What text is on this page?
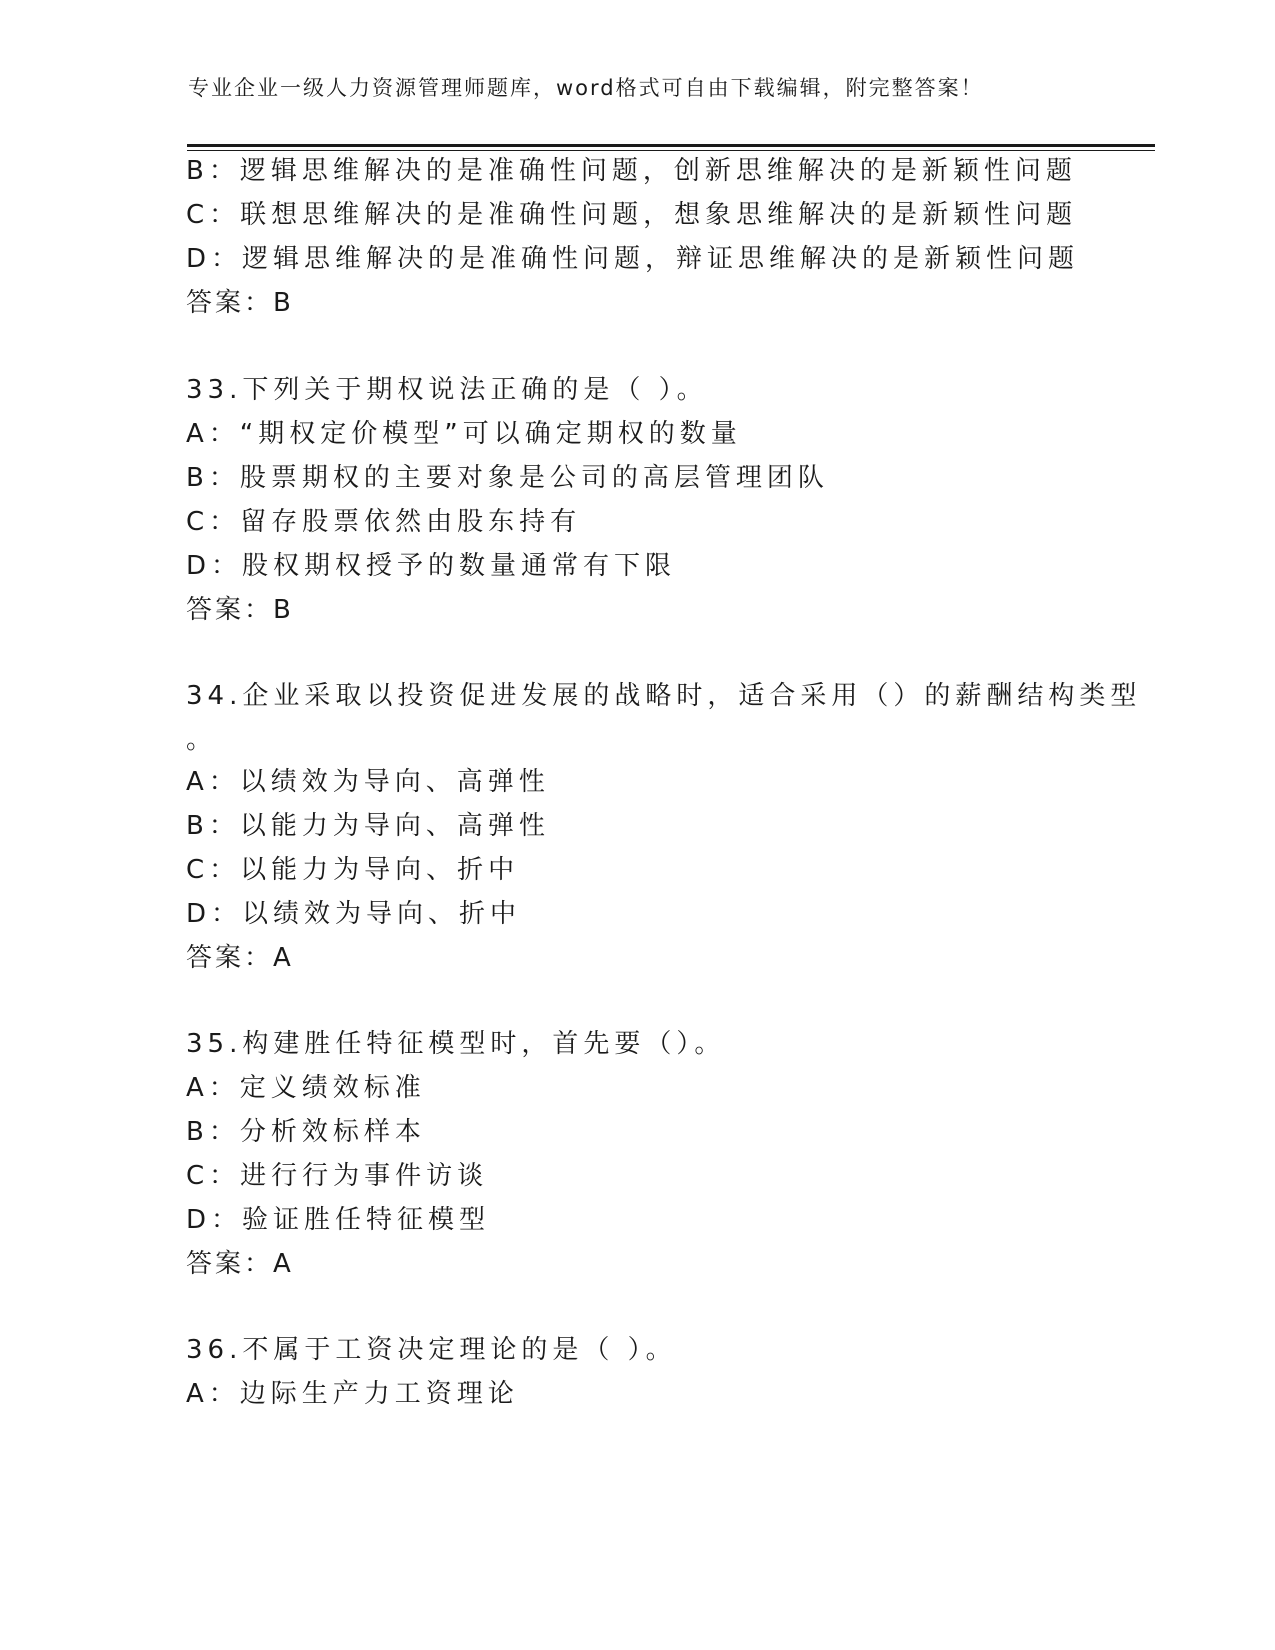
专业企业一级人力资源管理师题库，word格式可自由下载编辑，附完整答案！
B：逻辑思维解决的是准确性问题，创新思维解决的是新颖性问题
C：联想思维解决的是准确性问题，想象思维解决的是新颖性问题
D：逻辑思维解决的是准确性问题，辩证思维解决的是新颖性问题
答案：B
33.下列关于期权说法正确的是（ ）。
A：“期权定价模型”可以确定期权的数量
B：股票期权的主要对象是公司的高层管理团队
C：留存股票依然由股东持有
D：股权期权授予的数量通常有下限
答案：B
34.企业采取以投资促进发展的战略时，适合采用（）的薪酬结构类型
。
A：以绩效为导向、高弹性
B：以能力为导向、高弹性
C：以能力为导向、折中
D：以绩效为导向、折中
答案：A
35.构建胜任特征模型时，首先要（）。
A：定义绩效标准
B：分析效标样本
C：进行行为事件访谈
D：验证胜任特征模型
答案：A
36.不属于工资决定理论的是（ ）。
A：边际生产力工资理论
